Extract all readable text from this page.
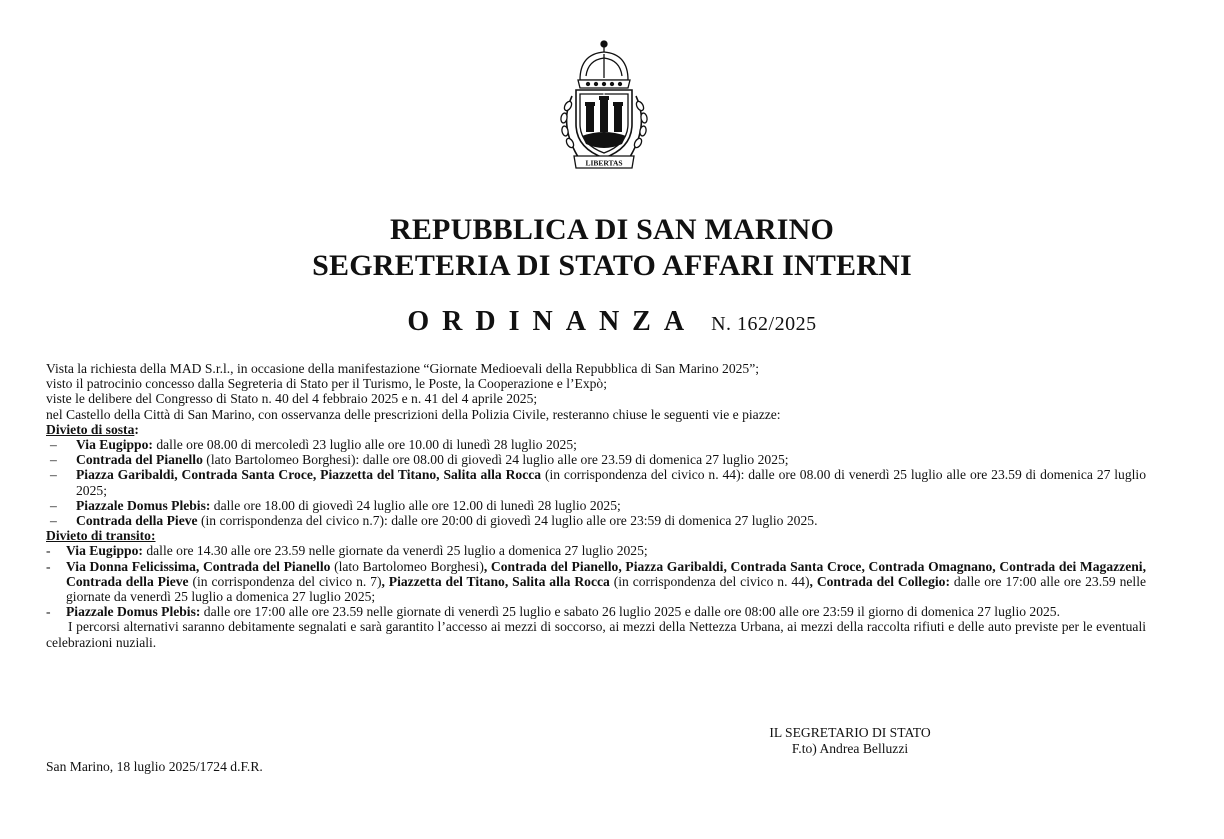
LIBERTAS
REPUBBLICA DI SAN MARINO
SEGRETERIA DI STATO AFFARI INTERNI
ORDINANZA N. 162/2025

Vista la richiesta della MAD S.r.l., in occasione della manifestazione “Giornate Medioevali della Repubblica di San Marino 2025”;

visto il patrocinio concesso dalla Segreteria di Stato per il Turismo, le Poste, la Cooperazione e l’Expò;

viste le delibere del Congresso di Stato n. 40 del 4 febbraio 2025 e n. 41 del 4 aprile 2025;

nel Castello della Città di San Marino, con osservanza delle prescrizioni della Polizia Civile, resteranno chiuse le seguenti vie e piazze:

Divieto di sosta:

– Via Eugippo: dalle ore 08.00 di mercoledì 23 luglio alle ore 10.00 di lunedì 28 luglio 2025;
– Contrada del Pianello (lato Bartolomeo Borghesi): dalle ore 08.00 di giovedì 24 luglio alle ore 23.59 di domenica 27 luglio 2025;
– Piazza Garibaldi, Contrada Santa Croce, Piazzetta del Titano, Salita alla Rocca (in corrispondenza del civico n. 44): dalle ore 08.00 di venerdì 25 luglio alle ore 23.59 di domenica 27 luglio 2025;
– Piazzale Domus Plebis: dalle ore 18.00 di giovedì 24 luglio alle ore 12.00 di lunedì 28 luglio 2025;
– Contrada della Pieve (in corrispondenza del civico n.7): dalle ore 20:00 di giovedì 24 luglio alle ore 23:59 di domenica 27 luglio 2025.

Divieto di transito:

- Via Eugippo: dalle ore 14.30 alle ore 23.59 nelle giornate da venerdì 25 luglio a domenica 27 luglio 2025;
- Via Donna Felicissima, Contrada del Pianello (lato Bartolomeo Borghesi), Contrada del Pianello, Piazza Garibaldi, Contrada Santa Croce, Contrada Omagnano, Contrada dei Magazzeni, Contrada della Pieve (in corrispondenza del civico n. 7), Piazzetta del Titano, Salita alla Rocca (in corrispondenza del civico n. 44), Contrada del Collegio: dalle ore 17:00 alle ore 23.59 nelle giornate da venerdì 25 luglio a domenica 27 luglio 2025;
- Piazzale Domus Plebis: dalle ore 17:00 alle ore 23.59 nelle giornate di venerdì 25 luglio e sabato 26 luglio 2025 e dalle ore 08:00 alle ore 23:59 il giorno di domenica 27 luglio 2025.

I percorsi alternativi saranno debitamente segnalati e sarà garantito l’accesso ai mezzi di soccorso, ai mezzi della Nettezza Urbana, ai mezzi della raccolta rifiuti e delle auto previste per le eventuali celebrazioni nuziali.

IL SEGRETARIO DI STATO
F.to) Andrea Belluzzi
San Marino, 18 luglio 2025/1724 d.F.R.
